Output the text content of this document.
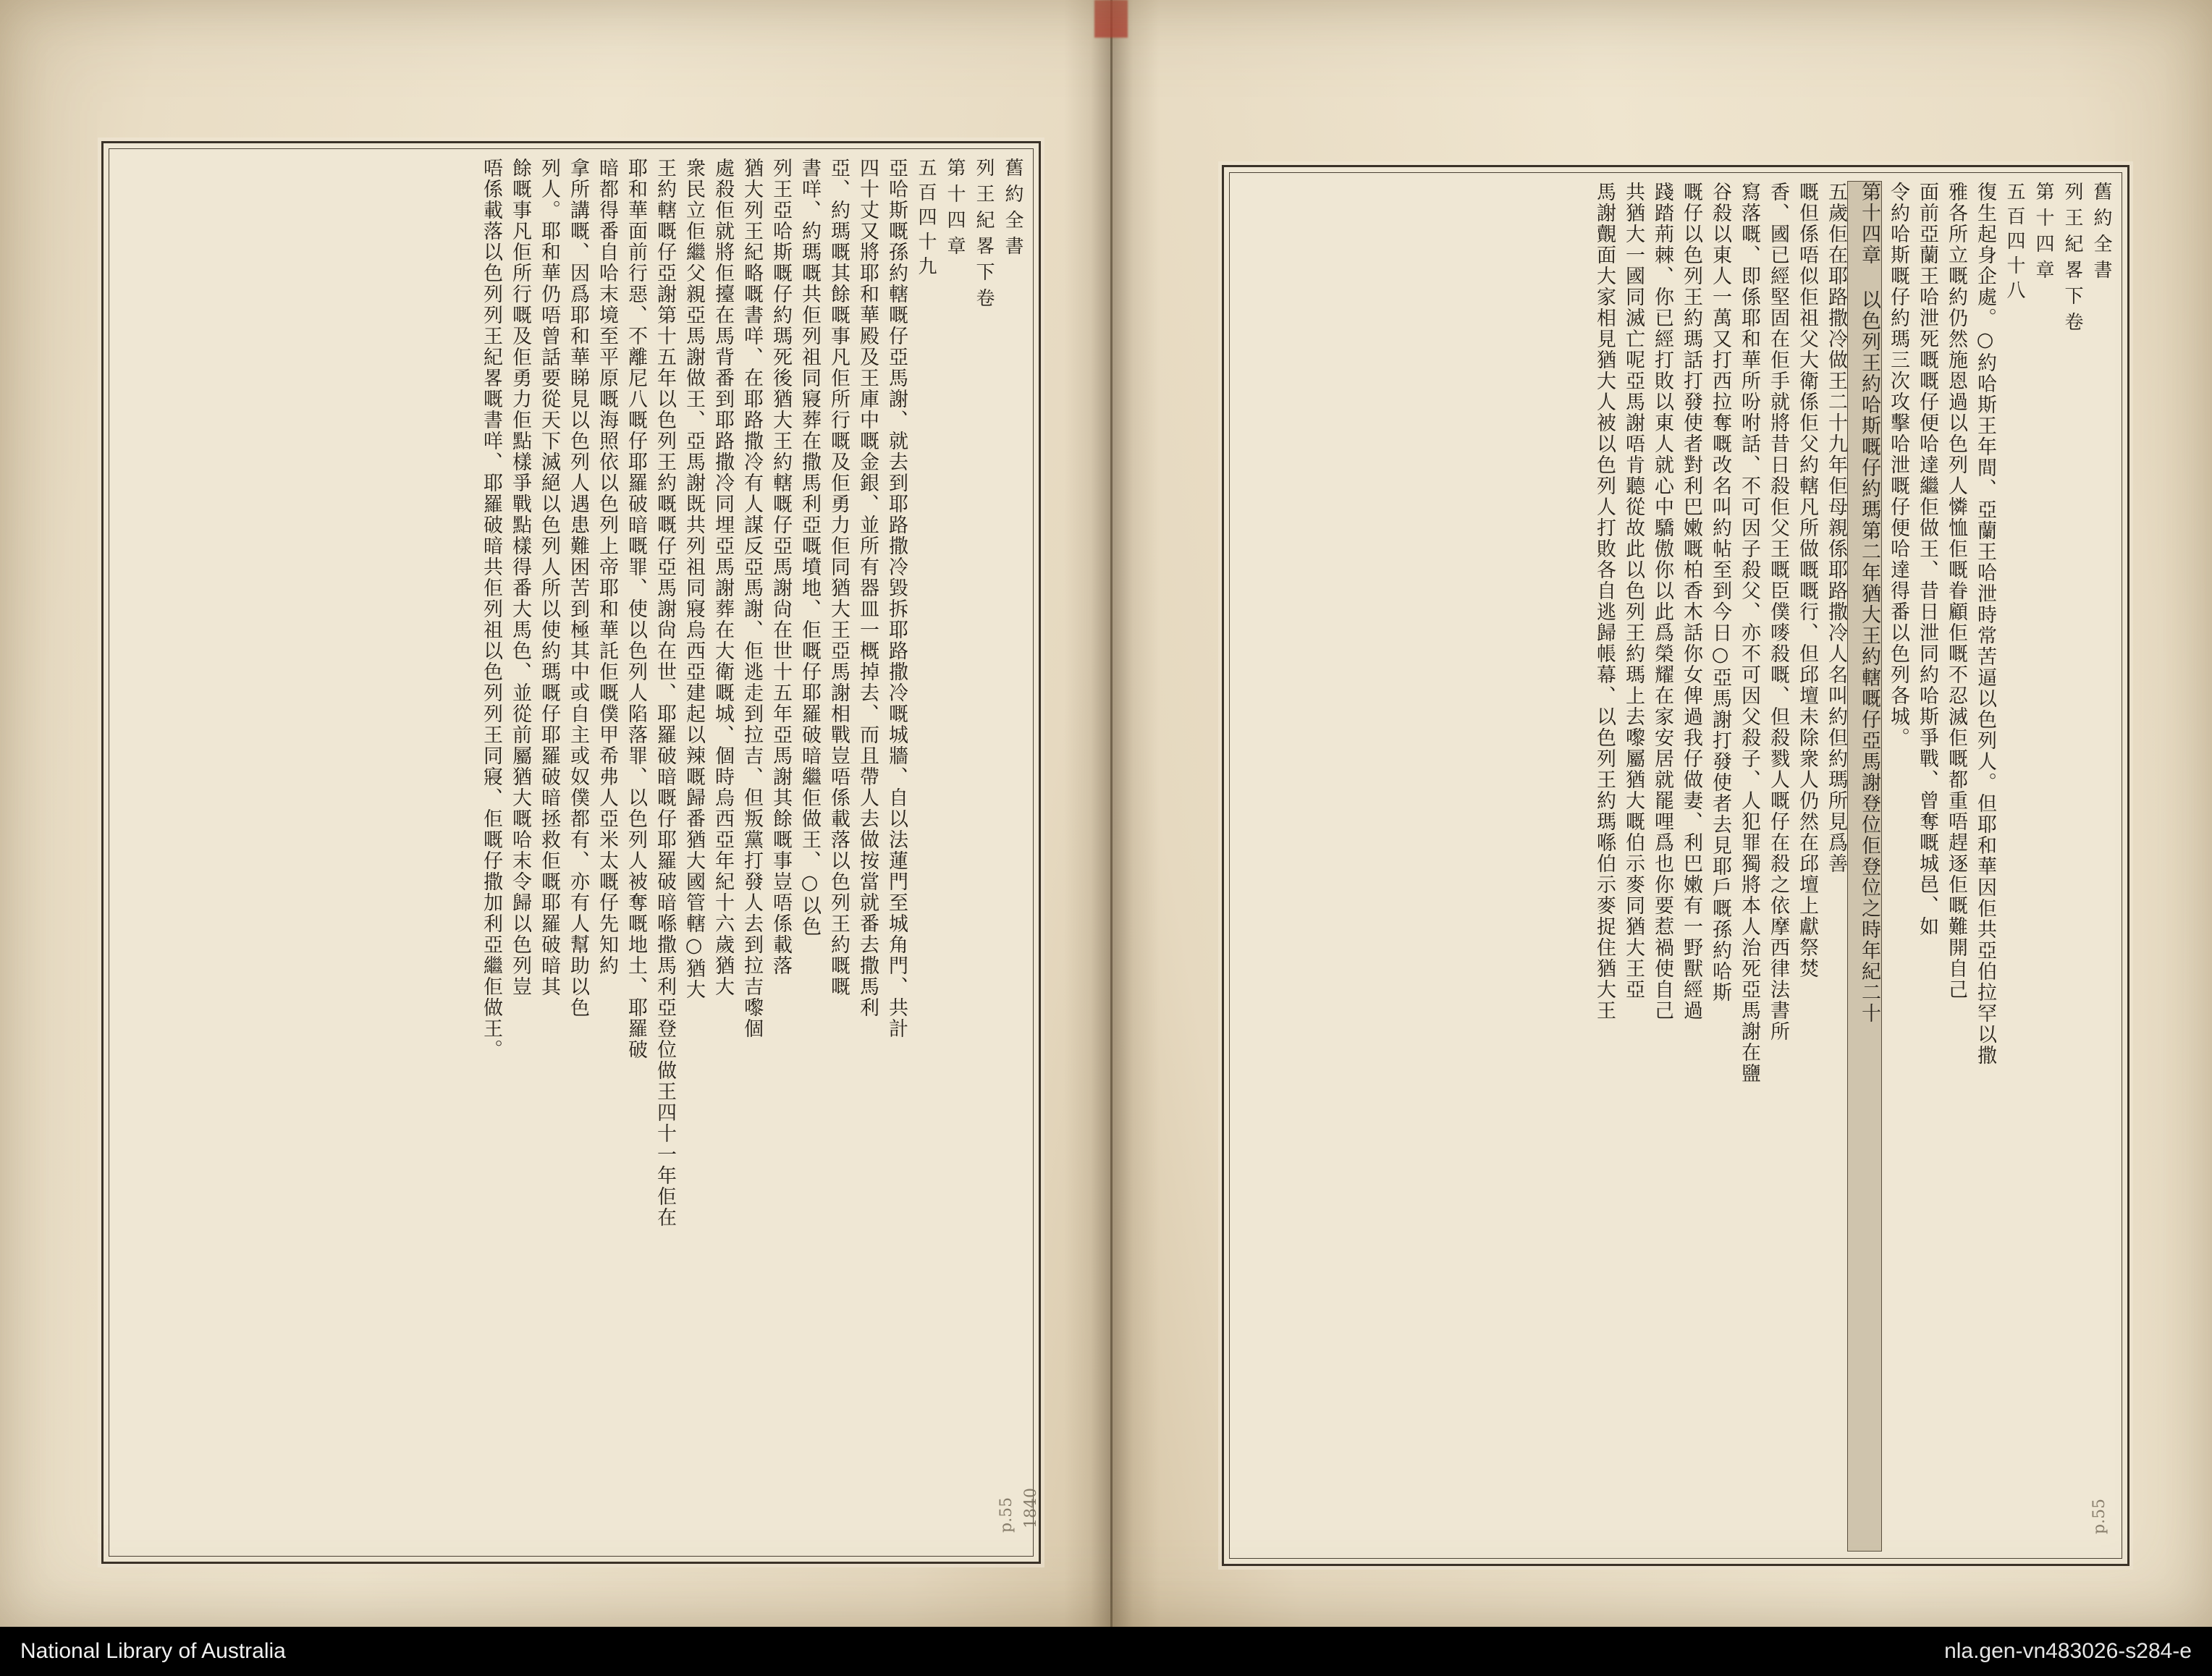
舊約全書
列王紀畧下卷
第十四章
五百四十八
復生起身企處。○約哈斯王年間、亞蘭王哈泄時常苦逼以色列人。但耶和華因佢共亞伯拉罕以撒
雅各所立嘅約仍然施恩過以色列人憐恤佢嘅眷顧佢嘅不忍滅佢嘅都重唔趕逐佢嘅難開自己
面前亞蘭王哈泄死嘅嘅仔便哈達繼佢做王、昔日泄同約哈斯爭戰、曾奪嘅城邑、如
令約哈斯嘅仔約瑪三次攻擊哈泄嘅仔便哈達得番以色列各城。
第十四章 以色列王約哈斯嘅仔約瑪第二年猶大王約轄嘅仔亞馬謝登位佢登位之時年紀二十
五歲佢在耶路撒冷做王二十九年佢母親係耶路撒冷人名叫約但約瑪所見爲善
嘅但係唔似佢祖父大衛係佢父約轄凡所做嘅嘅行、但邱壇未除衆人仍然在邱壇上獻祭焚
香、國已經堅固在佢手就將昔日殺佢父王嘅臣僕嘜殺嘅、但殺戮人嘅仔在殺之依摩西律法書所
寫落嘅、即係耶和華所吩咐話、不可因子殺父、亦不可因父殺子、人犯罪獨將本人治死亞馬謝在鹽
谷殺以東人一萬又打西拉奪嘅改名叫約帖至到今日○亞馬謝打發使者去見耶戶嘅孫約哈斯
嘅仔以色列王約瑪話打發使者對利巴嫩嘅柏香木話你女俾過我仔做妻、利巴嫩有一野獸經過
踐踏荊棘、你已經打敗以東人就心中驕傲你以此爲榮耀在家安居就罷哩爲也你要惹禍使自己
共猶大一國同滅亡呢亞馬謝唔肯聽從故此以色列王約瑪上去嚟屬猶大嘅伯示麥同猶大王亞
馬謝覿面大家相見猶大人被以色列人打敗各自逃歸帳幕、以色列王約瑪喺伯示麥捉住猶大王
舊約全書
列王紀畧下卷
第十四章
五百四十九
亞哈斯嘅孫約轄嘅仔亞馬謝、就去到耶路撒冷毀拆耶路撒冷嘅城牆、自以法蓮門至城角門、共計
四十丈又將耶和華殿及王庫中嘅金銀、並所有器皿一概掉去、而且帶人去做按當就番去撒馬利
亞、約瑪嘅其餘嘅事凡佢所行嘅及佢勇力佢同猶大王亞馬謝相戰豈唔係載落以色列王約嘅嘅
書咩、約瑪嘅共佢列祖同寢葬在撒馬利亞嘅墳地、佢嘅仔耶羅破暗繼佢做王、○以色
列王亞哈斯嘅仔約瑪死後猶大王約轄嘅仔亞馬謝尙在世十五年亞馬謝其餘嘅事豈唔係載落
猶大列王紀略嘅書咩、在耶路撒冷有人謀反亞馬謝、佢逃走到拉吉、但叛黨打發人去到拉吉嚟個
處殺佢就將佢擡在馬背番到耶路撒冷同埋亞馬謝葬在大衛嘅城、個時烏西亞年紀十六歲猶大
衆民立佢繼父親亞馬謝做王、亞馬謝既共列祖同寢烏西亞建起以辣嘅歸番猶大國管轄○猶大
王約轄嘅仔亞謝第十五年以色列王約嘅嘅仔亞馬謝尙在世、耶羅破暗嘅仔耶羅破暗喺撒馬利亞登位做王四十一年佢在
耶和華面前行惡、不離尼八嘅仔耶羅破暗嘅罪、使以色列人陷落罪、以色列人被奪嘅地土、耶羅破
暗都得番自哈末境至平原嘅海照依以色列上帝耶和華託佢嘅僕甲希弗人亞米太嘅仔先知約
拿所講嘅、因爲耶和華睇見以色列人遇患難困苦到極其中或自主或奴僕都有、亦有人幫助以色
列人。耶和華仍唔曾話要從天下滅絕以色列人所以使約瑪嘅仔耶羅破暗拯救佢嘅耶羅破暗其
餘嘅事凡佢所行嘅及佢勇力佢點樣爭戰點樣得番大馬色、並從前屬猶大嘅哈末令歸以色列豈
唔係載落以色列列王紀畧嘅書咩、耶羅破暗共佢列祖以色列列王同寢、佢嘅仔撒加利亞繼佢做王。
p.55 1840	p.55
National Library of Australia	nla.gen-vn483026-s284-e
